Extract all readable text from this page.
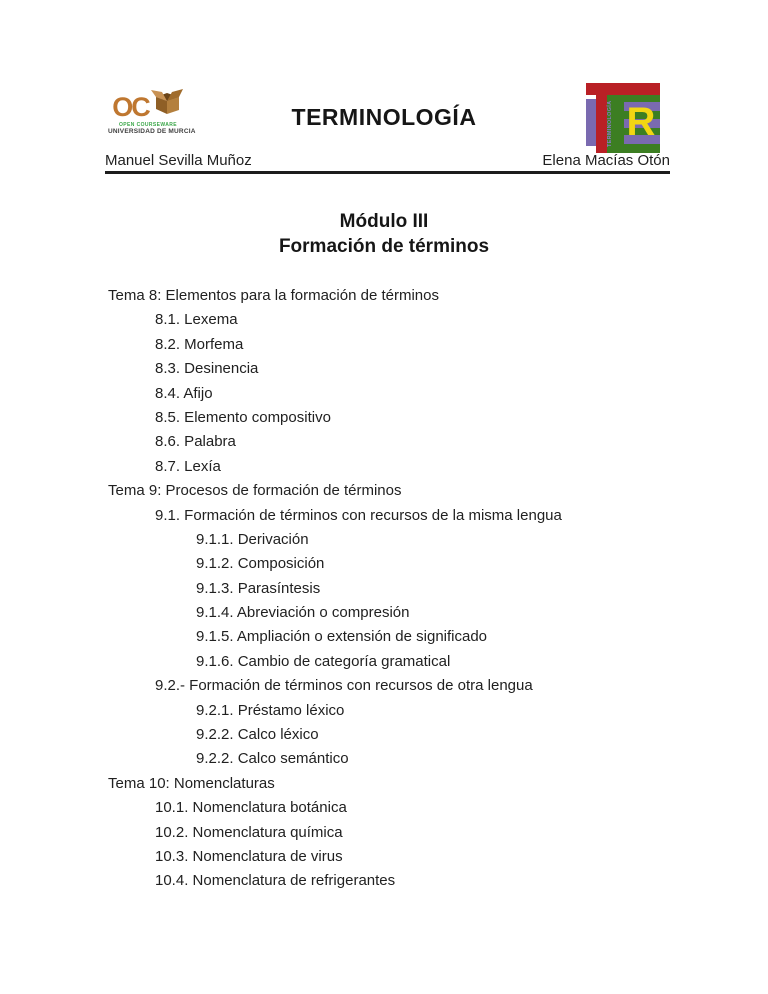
OC
OPEN COURSEWARE
UNIVERSIDAD DE MURCIA
TERMINOLOGÍA	TERMINOLOGÍA R
Manuel Sevilla Muñoz	Elena Macías Otón
Módulo III
Formación de términos
Tema 8: Elementos para la formación de términos
8.1. Lexema
8.2. Morfema
8.3. Desinencia
8.4. Afijo
8.5. Elemento compositivo
8.6. Palabra
8.7. Lexía
Tema 9: Procesos de formación de términos
9.1. Formación de términos con recursos de la misma lengua
9.1.1. Derivación
9.1.2. Composición
9.1.3. Parasíntesis
9.1.4. Abreviación o compresión
9.1.5. Ampliación o extensión de significado
9.1.6. Cambio de categoría gramatical
9.2.- Formación de términos con recursos de otra lengua
9.2.1. Préstamo léxico
9.2.2. Calco léxico
9.2.2. Calco semántico
Tema 10: Nomenclaturas
10.1. Nomenclatura botánica
10.2. Nomenclatura química
10.3. Nomenclatura de virus
10.4. Nomenclatura de refrigerantes
